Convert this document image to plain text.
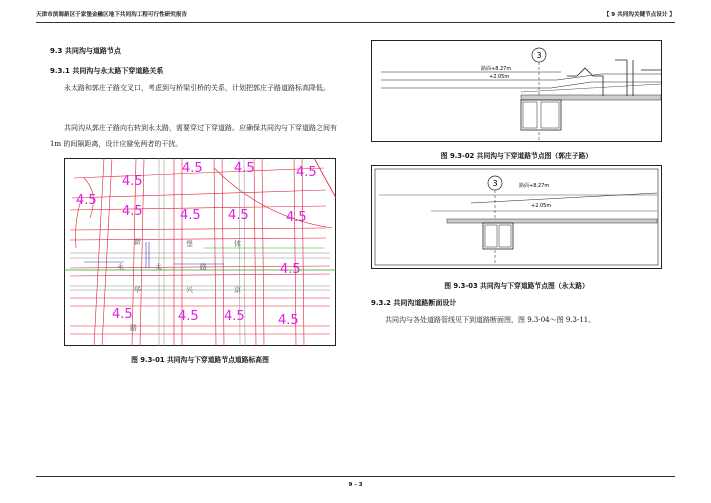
天津市滨海新区于家堡金融区地下共同沟工程可行性研究报告	【 9 共同沟关键节点设计 】
9.3 共同沟与道路节点
9.3.1 共同沟与永太路下穿道路关系
永太路和郭庄子路交叉口，考虑到与桥梁引桥的关系，计划把郭庄子路道路标高降低。
共同沟从郭庄子路向右转到永太路，需要穿过下穿道路。应确保共同沟与下穿道路之间有 1m 的间隔距离，设计应避免两者的干扰。
4.5 4.5	4.5
4.5
4.5
4.5	4.5 4.5	4.5
4.5
4.5	4.5 4.5	4.5
新	堡	体
永	太	路
华	兴	京
路
图 9.3-01 共同沟与下穿道路节点道路标高图
3
路面+8.27m
+2.05m
图 9.3-02 共同沟与下穿道路节点图（郭庄子路）
3	路面+8.27m
+2.05m
图 9.3-03 共同沟与下穿道路节点图（永太路）
9.3.2 共同沟道路断面设计
共同沟与各处道路管线见下到道路断面图，图 9.3-04～图 9.3-11。
9 - 3
